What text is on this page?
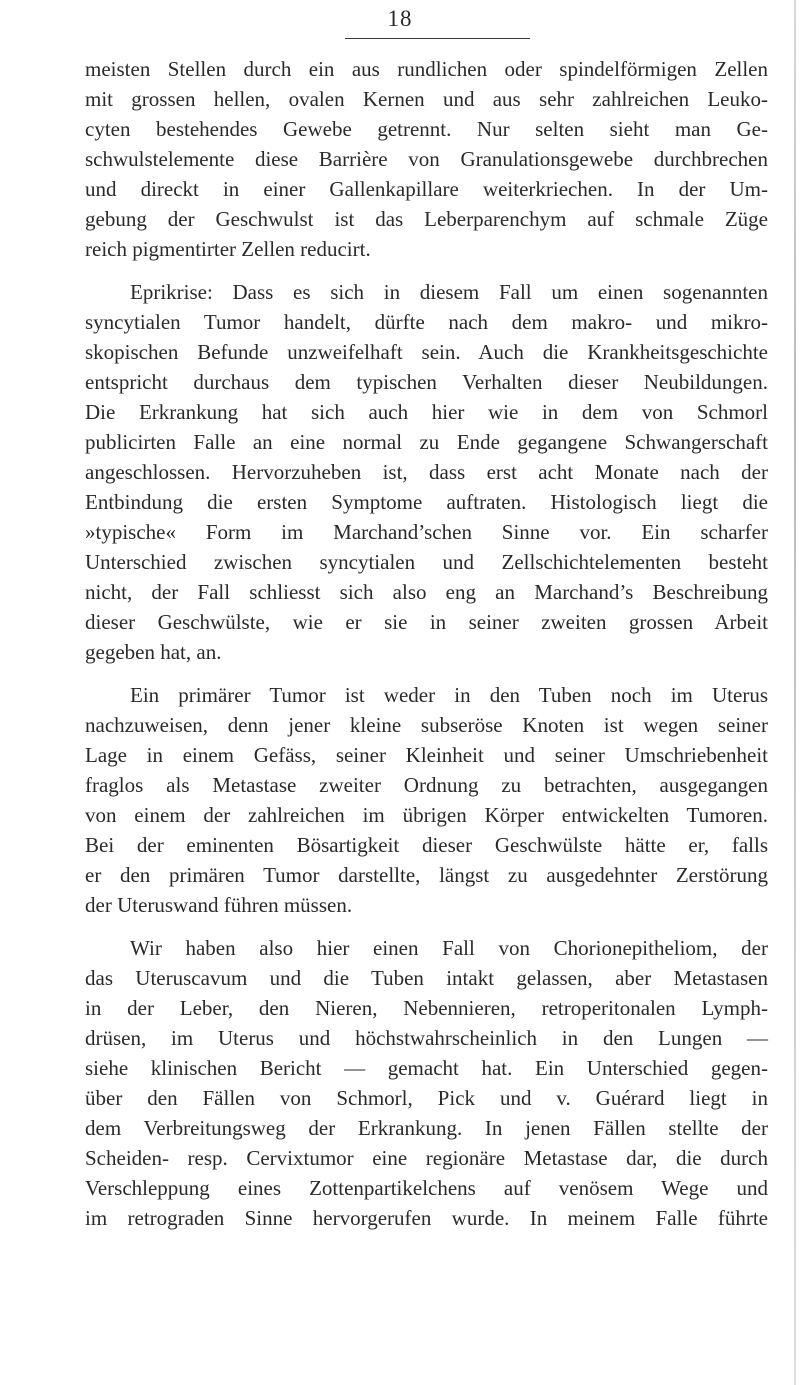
18
meisten Stellen durch ein aus rundlichen oder spindelförmigen Zellen
mit grossen hellen, ovalen Kernen und aus sehr zahlreichen Leuko-
cyten bestehendes Gewebe getrennt. Nur selten sieht man Ge-
schwulstelemente diese Barrière von Granulationsgewebe durchbrechen
und direckt in einer Gallenkapillare weiterkriechen. In der Um-
gebung der Geschwulst ist das Leberparenchym auf schmale Züge
reich pigmentirter Zellen reducirt.
Eprikrise: Dass es sich in diesem Fall um einen sogenannten
syncytialen Tumor handelt, dürfte nach dem makro- und mikro-
skopischen Befunde unzweifelhaft sein. Auch die Krankheitsgeschichte
entspricht durchaus dem typischen Verhalten dieser Neubildungen.
Die Erkrankung hat sich auch hier wie in dem von Schmorl
publicirten Falle an eine normal zu Ende gegangene Schwangerschaft
angeschlossen. Hervorzuheben ist, dass erst acht Monate nach der
Entbindung die ersten Symptome auftraten. Histologisch liegt die
»typische« Form im Marchand’schen Sinne vor. Ein scharfer
Unterschied zwischen syncytialen und Zellschichtelementen besteht
nicht, der Fall schliesst sich also eng an Marchand’s Beschreibung
dieser Geschwülste, wie er sie in seiner zweiten grossen Arbeit
gegeben hat, an.
Ein primärer Tumor ist weder in den Tuben noch im Uterus
nachzuweisen, denn jener kleine subseröse Knoten ist wegen seiner
Lage in einem Gefäss, seiner Kleinheit und seiner Umschriebenheit
fraglos als Metastase zweiter Ordnung zu betrachten, ausgegangen
von einem der zahlreichen im übrigen Körper entwickelten Tumoren.
Bei der eminenten Bösartigkeit dieser Geschwülste hätte er, falls
er den primären Tumor darstellte, längst zu ausgedehnter Zerstörung
der Uteruswand führen müssen.
Wir haben also hier einen Fall von Chorionepitheliom, der
das Uteruscavum und die Tuben intakt gelassen, aber Metastasen
in der Leber, den Nieren, Nebennieren, retroperitonalen Lymph-
drüsen, im Uterus und höchstwahrscheinlich in den Lungen —
siehe klinischen Bericht — gemacht hat. Ein Unterschied gegen-
über den Fällen von Schmorl, Pick und v. Guérard liegt in
dem Verbreitungsweg der Erkrankung. In jenen Fällen stellte der
Scheiden- resp. Cervixtumor eine regionäre Metastase dar, die durch
Verschleppung eines Zottenpartikelchens auf venösem Wege und
im retrograden Sinne hervorgerufen wurde. In meinem Falle führte
